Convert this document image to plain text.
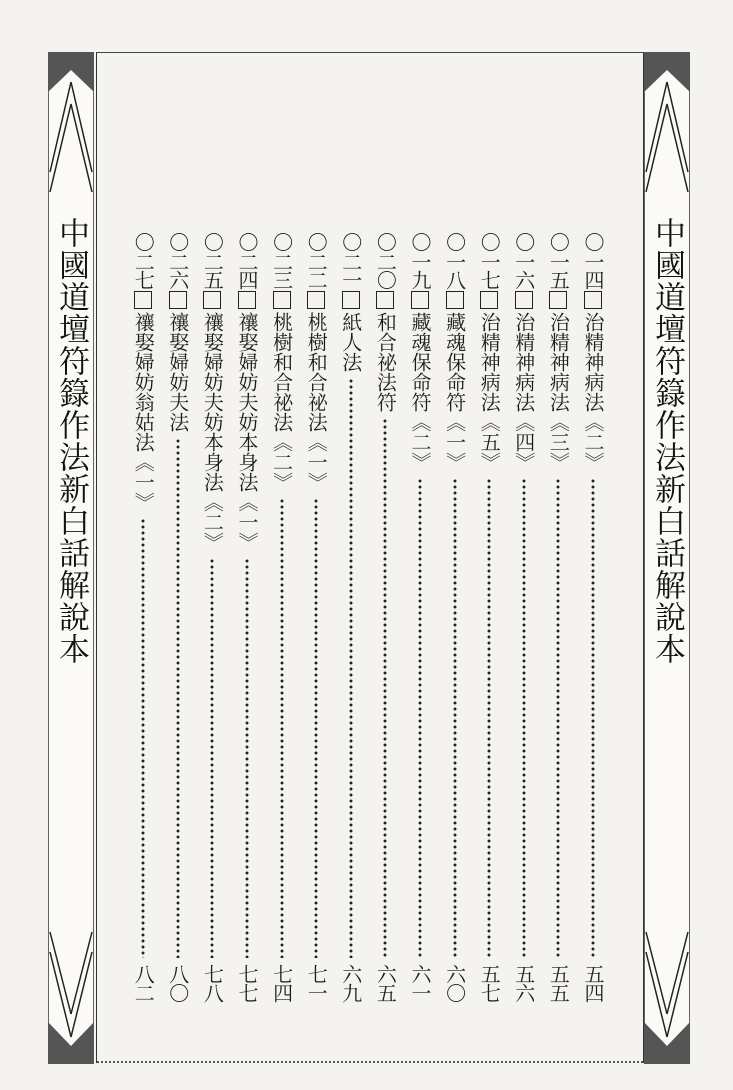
中國道壇符籙作法新白話解說本	中國道壇符籙作法新白話解說本
〇
一四
治精神病法《二》
五四
〇
一五
治精神病法《三》
五五
〇
一六
治精神病法《四》
五六
〇
一七
治精神病法《五》
五七
〇
一八
藏魂保命符《一》
六〇
〇
一九
藏魂保命符《二》
六一
〇
二〇
和合祕法符
六五
〇
二一
紙人法
六九
〇
二二
桃樹和合祕法《一》
七一
〇
二三
桃樹和合祕法《二》
七四
〇
二四
禳娶婦妨夫妨本身法《一》
七七
〇
二五
禳娶婦妨夫妨本身法《二》
七八
〇
二六
禳娶婦妨夫法
八〇
〇
二七
禳娶婦妨翁姑法《一》
八二
